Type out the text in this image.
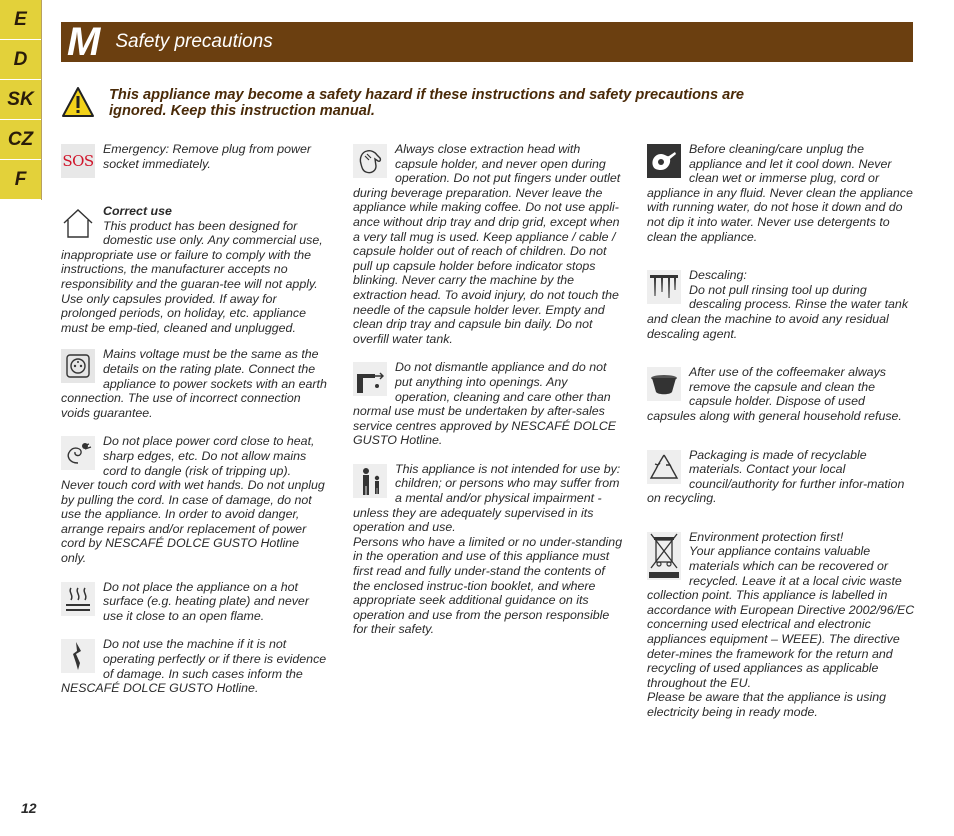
E
D
SK
CZ
F
M Safety precautions
This appliance may become a safety hazard if these instructions and safety precautions are ignored. Keep this instruction manual.
SOS
Emergency: Remove plug from power socket immediately.
Correct use
This product has been designed for domestic use only. Any commercial use, inappropriate use or failure to comply with the instructions, the manufacturer accepts no responsibility and the guaran-tee will not apply. Use only capsules provided. If away for prolonged periods, on holiday, etc. appliance must be emp-tied, cleaned and unplugged.
Mains voltage must be the same as the details on the rating plate. Connect the appliance to power sockets with an earth connection. The use of incorrect connection voids guarantee.
Do not place power cord close to heat, sharp edges, etc. Do not allow mains cord to dangle (risk of tripping up). Never touch cord with wet hands. Do not unplug by pulling the cord. In case of damage, do not use the appliance. In order to avoid danger, arrange repairs and/or replacement of power cord by NESCAFÉ DOLCE GUSTO Hotline only.
Do not place the appliance on a hot surface (e.g. heating plate) and never use it close to an open flame.
Do not use the machine if it is not operating perfectly or if there is evidence of damage. In such cases inform the NESCAFÉ DOLCE GUSTO Hotline.
Always close extraction head with capsule holder, and never open during operation. Do not put fingers under outlet during beverage preparation. Never leave the appliance while making coffee. Do not use appli-ance without drip tray and drip grid, except when a very tall mug is used. Keep appliance / cable / capsule holder out of reach of children. Do not pull up capsule holder before indicator stops blinking. Never carry the machine by the extraction head. To avoid injury, do not touch the needle of the capsule holder lever. Empty and clean drip tray and capsule bin daily. Do not overfill water tank.
Do not dismantle appliance and do not put anything into openings. Any operation, cleaning and care other than normal use must be undertaken by after-sales service centres approved by NESCAFÉ DOLCE GUSTO Hotline.
This appliance is not intended for use by: children; or persons who may suffer from a mental and/or physical impairment - unless they are adequately supervised in its operation and use.
Persons who have a limited or no under-standing in the operation and use of this appliance must first read and fully under-stand the contents of the enclosed instruc-tion booklet, and where appropriate seek additional guidance on its operation and use from the person responsible for their safety.
Before cleaning/care unplug the appliance and let it cool down. Never clean wet or immerse plug, cord or appliance in any fluid. Never clean the appliance with running water, do not hose it down and do not dip it into water. Never use detergents to clean the appliance.
Descaling:
Do not pull rinsing tool up during descaling process. Rinse the water tank and clean the machine to avoid any residual descaling agent.
After use of the coffeemaker always remove the capsule and clean the capsule holder. Dispose of used capsules along with general household refuse.
Packaging is made of recyclable materials. Contact your local council/authority for further infor-mation on recycling.
Environment protection first!
Your appliance contains valuable materials which can be recovered or recycled. Leave it at a local civic waste collection point. This appliance is labelled in accordance with European Directive 2002/96/EC concerning used electrical and electronic appliances equipment – WEEE). The directive deter-mines the framework for the return and recycling of used appliances as applicable throughout the EU.
Please be aware that the appliance is using electricity being in ready mode.
12
